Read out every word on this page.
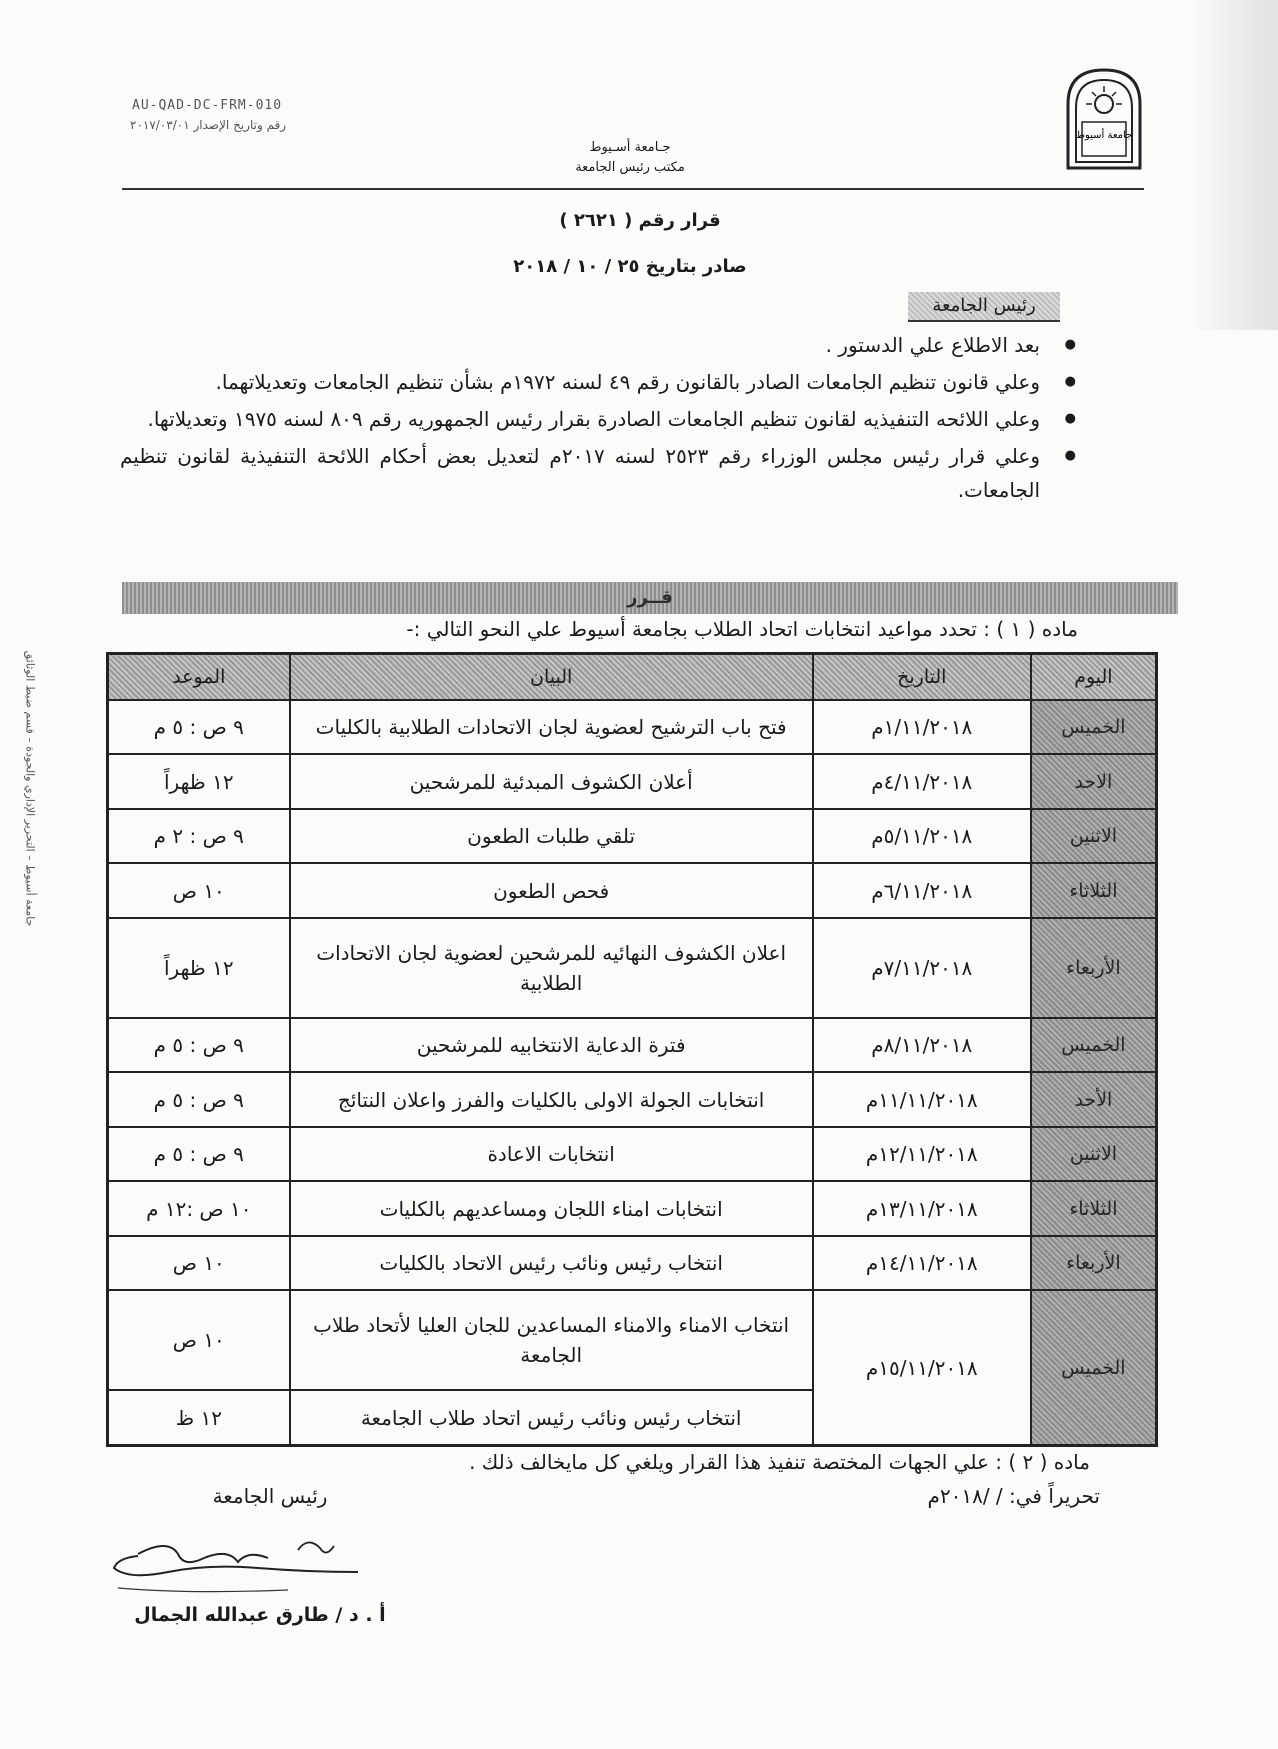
جامعة أسيوط
AU-QAD-DC-FRM-010
رقم وتاريخ الإصدار ٢٠١٧/٠٣/٠١
جـامعة أسـيوط
مكتب رئيس الجامعة
قرار رقم ( ٢٦٢١ )
صادر بتاريخ ٢٥ / ١٠ / ٢٠١٨
رئيس الجامعة
● بعد الاطلاع علي الدستور .
● وعلي قانون تنظيم الجامعات الصادر بالقانون رقم ٤٩ لسنه ١٩٧٢م بشأن تنظيم الجامعات وتعديلاتهما.
● وعلي اللائحه التنفيذيه لقانون تنظيم الجامعات الصادرة بقرار رئيس الجمهوريه رقم ٨٠٩ لسنه ١٩٧٥ وتعديلاتها.
● وعلي قرار رئيس مجلس الوزراء رقم ٢٥٢٣ لسنه ٢٠١٧م لتعديل بعض أحكام اللائحة التنفيذية لقانون تنظيم الجامعات.
قــرر
ماده ( ١ ) : تحدد مواعيد انتخابات اتحاد الطلاب بجامعة أسيوط علي النحو التالي :-
اليوم	التاريخ	البيان	الموعد
الخميس	١/١١/٢٠١٨م	فتح باب الترشيح لعضوية لجان الاتحادات الطلابية بالكليات	٩ ص : ٥ م
الاحد	٤/١١/٢٠١٨م	أعلان الكشوف المبدئية للمرشحين	١٢ ظهراً
الاثنين	٥/١١/٢٠١٨م	تلقي طلبات الطعون	٩ ص : ٢ م
الثلاثاء	٦/١١/٢٠١٨م	فحص الطعون	١٠ ص
الأربعاء	٧/١١/٢٠١٨م	اعلان الكشوف النهائيه للمرشحين لعضوية لجان الاتحادات الطلابية	١٢ ظهراً
الخميس	٨/١١/٢٠١٨م	فترة الدعاية الانتخابيه للمرشحين	٩ ص : ٥ م
الأحد	١١/١١/٢٠١٨م	انتخابات الجولة الاولى بالكليات والفرز واعلان النتائج	٩ ص : ٥ م
الاثنين	١٢/١١/٢٠١٨م	انتخابات الاعادة	٩ ص : ٥ م
الثلاثاء	١٣/١١/٢٠١٨م	انتخابات امناء اللجان ومساعديهم بالكليات	١٠ ص :١٢ م
الأربعاء	١٤/١١/٢٠١٨م	انتخاب رئيس ونائب رئيس الاتحاد بالكليات	١٠ ص
الخميس	١٥/١١/٢٠١٨م	انتخاب الامناء والامناء المساعدين للجان العليا لأتحاد طلاب الجامعة	١٠ ص
		انتخاب رئيس ونائب رئيس اتحاد طلاب الجامعة	١٢ ظ
ماده ( ٢ ) : علي الجهات المختصة تنفيذ هذا القرار ويلغي كل مايخالف ذلك .
تحريراً في: / /٢٠١٨م
رئيس الجامعة
أ . د / طارق عبدالله الجمال
جامعة أسيوط – التحرير الإداري والجودة – قسم ضبط الوثائق
